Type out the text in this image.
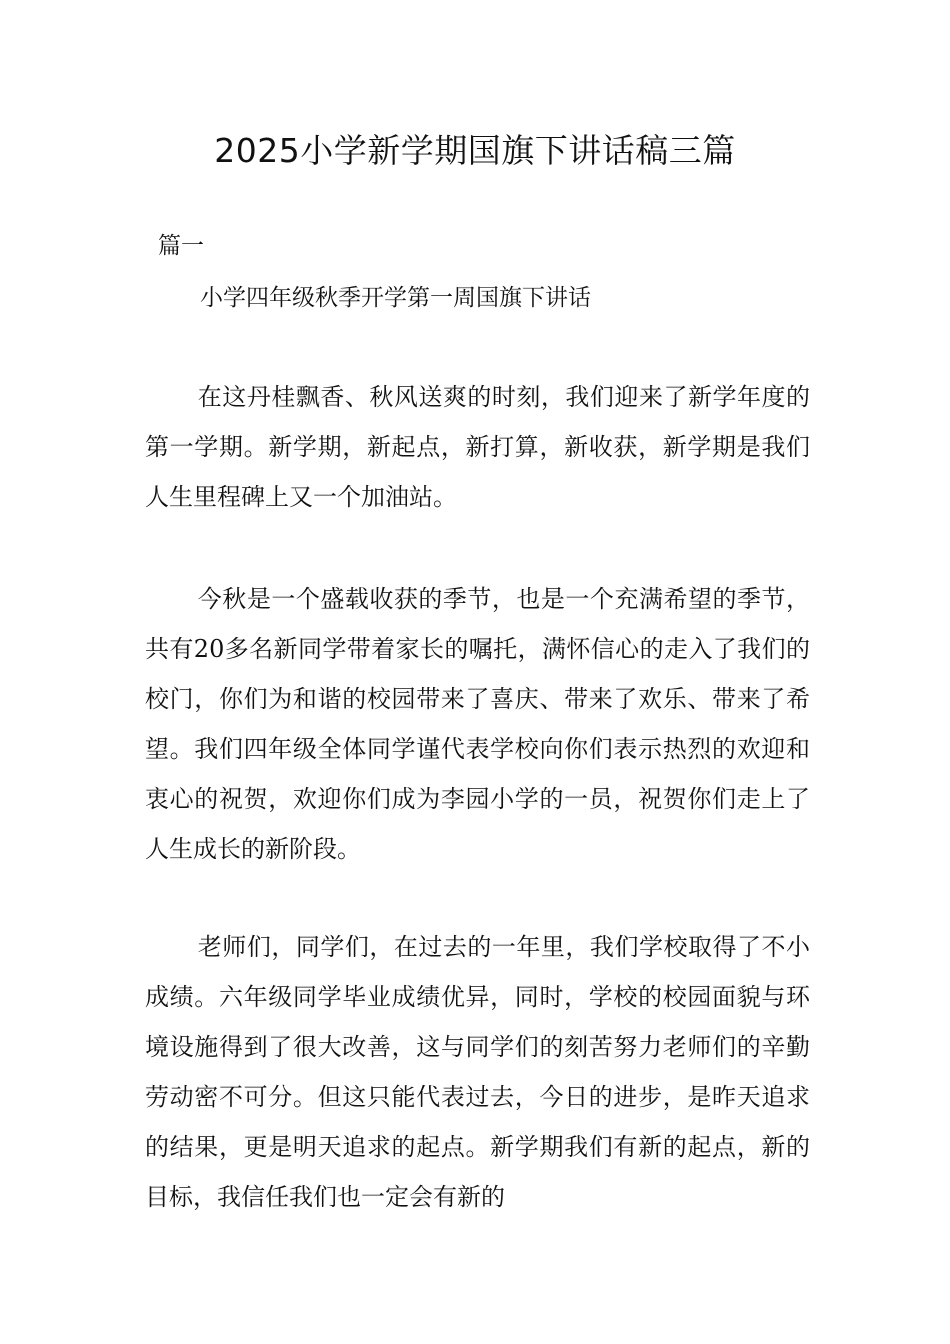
2025小学新学期国旗下讲话稿三篇
篇一
小学四年级秋季开学第一周国旗下讲话

在这丹桂飘香、秋风送爽的时刻，我们迎来了新学年度的第一学期。新学期，新起点，新打算，新收获，新学期是我们人生里程碑上又一个加油站。

今秋是一个盛载收获的季节，也是一个充满希望的季节，共有20多名新同学带着家长的嘱托，满怀信心的走入了我们的校门，你们为和谐的校园带来了喜庆、带来了欢乐、带来了希望。我们四年级全体同学谨代表学校向你们表示热烈的欢迎和衷心的祝贺，欢迎你们成为李园小学的一员，祝贺你们走上了人生成长的新阶段。

老师们，同学们，在过去的一年里，我们学校取得了不小成绩。六年级同学毕业成绩优异，同时，学校的校园面貌与环境设施得到了很大改善，这与同学们的刻苦努力老师们的辛勤劳动密不可分。但这只能代表过去，今日的进步，是昨天追求的结果，更是明天追求的起点。新学期我们有新的起点，新的目标，我信任我们也一定会有新的
